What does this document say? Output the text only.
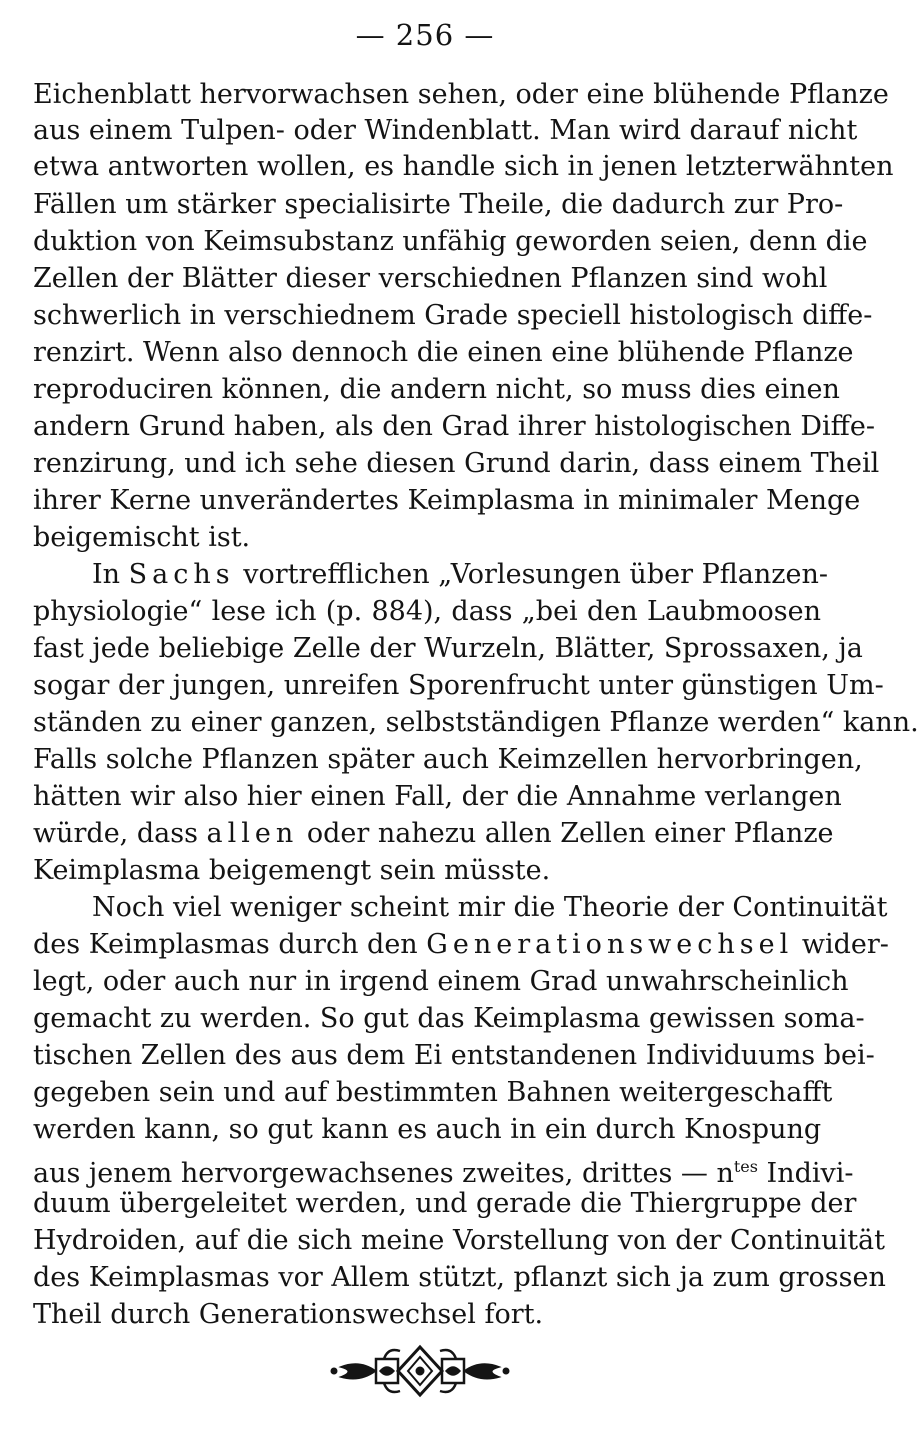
— 256 —
Eichenblatt hervorwachsen sehen, oder eine blühende Pflanze
aus einem Tulpen- oder Windenblatt. Man wird darauf nicht
etwa antworten wollen, es handle sich in jenen letzterwähnten
Fällen um stärker specialisirte Theile, die dadurch zur Pro-
duktion von Keimsubstanz unfähig geworden seien, denn die
Zellen der Blätter dieser verschiednen Pflanzen sind wohl
schwerlich in verschiednem Grade speciell histologisch diffe-
renzirt. Wenn also dennoch die einen eine blühende Pflanze
reproduciren können, die andern nicht, so muss dies einen
andern Grund haben, als den Grad ihrer histologischen Diffe-
renzirung, und ich sehe diesen Grund darin, dass einem Theil
ihrer Kerne unverändertes Keimplasma in minimaler Menge
beigemischt ist.
In Sachs vortrefflichen „Vorlesungen über Pflanzen-
physiologie“ lese ich (p. 884), dass „bei den Laubmoosen
fast jede beliebige Zelle der Wurzeln, Blätter, Sprossaxen, ja
sogar der jungen, unreifen Sporenfrucht unter günstigen Um-
ständen zu einer ganzen, selbstständigen Pflanze werden“ kann.
Falls solche Pflanzen später auch Keimzellen hervorbringen,
hätten wir also hier einen Fall, der die Annahme verlangen
würde, dass allen oder nahezu allen Zellen einer Pflanze
Keimplasma beigemengt sein müsste.
Noch viel weniger scheint mir die Theorie der Continuität
des Keimplasmas durch den Generationswechsel wider-
legt, oder auch nur in irgend einem Grad unwahrscheinlich
gemacht zu werden. So gut das Keimplasma gewissen soma-
tischen Zellen des aus dem Ei entstandenen Individuums bei-
gegeben sein und auf bestimmten Bahnen weitergeschafft
werden kann, so gut kann es auch in ein durch Knospung
aus jenem hervorgewachsenes zweites, drittes — $n^{tes}$ Indivi-
duum übergeleitet werden, und gerade die Thiergruppe der
Hydroiden, auf die sich meine Vorstellung von der Continuität
des Keimplasmas vor Allem stützt, pflanzt sich ja zum grossen
Theil durch Generationswechsel fort.
